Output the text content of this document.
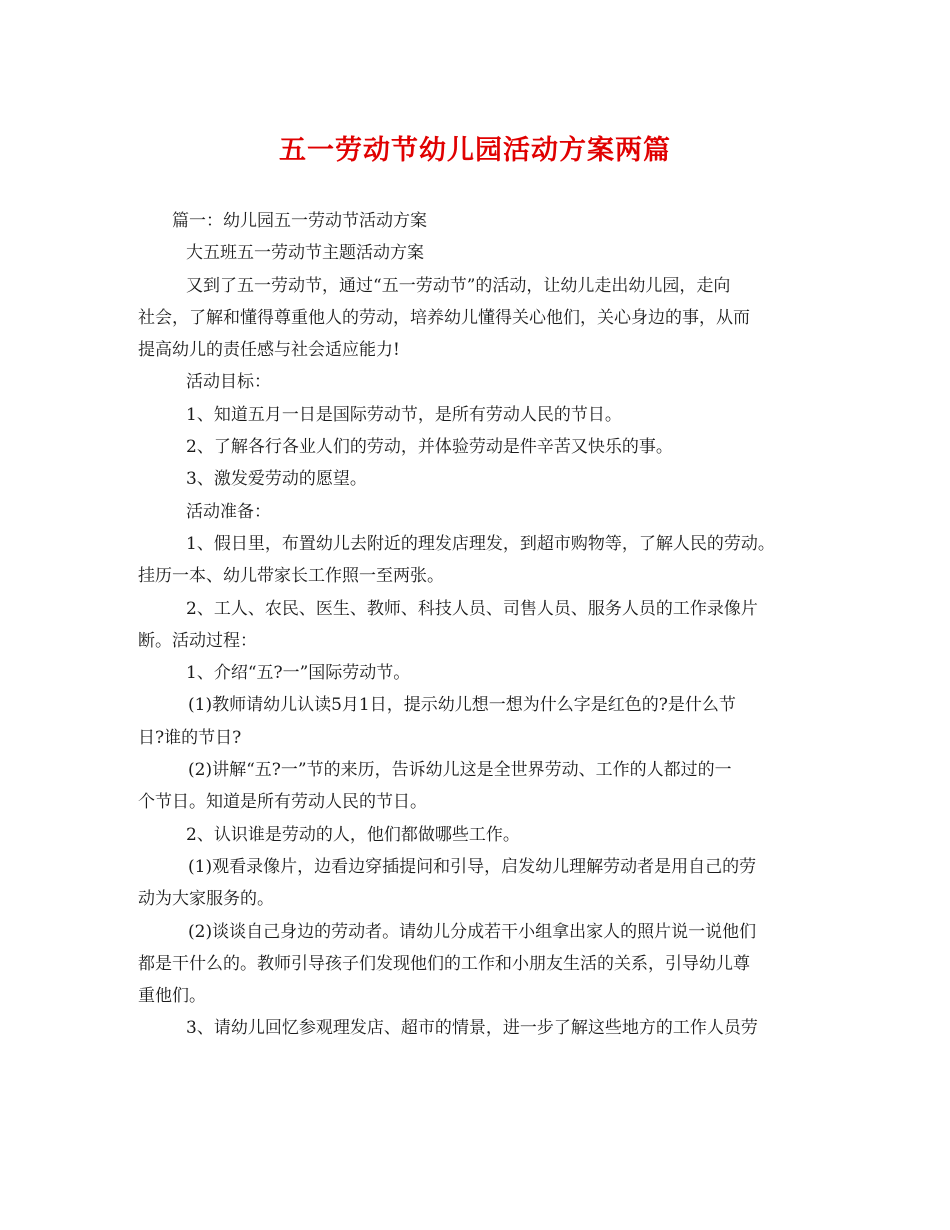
五一劳动节幼儿园活动方案两篇
篇一：幼儿园五一劳动节活动方案
大五班五一劳动节主题活动方案
又到了五一劳动节，通过“五一劳动节”的活动，让幼儿走出幼儿园，走向
社会，了解和懂得尊重他人的劳动，培养幼儿懂得关心他们，关心身边的事，从而
提高幼儿的责任感与社会适应能力!
活动目标：
1、知道五月一日是国际劳动节，是所有劳动人民的节日。
2、了解各行各业人们的劳动，并体验劳动是件辛苦又快乐的事。
3、激发爱劳动的愿望。
活动准备：
1、假日里，布置幼儿去附近的理发店理发，到超市购物等，了解人民的劳动。
挂历一本、幼儿带家长工作照一至两张。
2、工人、农民、医生、教师、科技人员、司售人员、服务人员的工作录像片
断。活动过程：
1、介绍“五?一”国际劳动节。
(1)教师请幼儿认读5月1日，提示幼儿想一想为什么字是红色的?是什么节
日?谁的节日?
(2)讲解“五?一”节的来历，告诉幼儿这是全世界劳动、工作的人都过的一
个节日。知道是所有劳动人民的节日。
2、认识谁是劳动的人，他们都做哪些工作。
(1)观看录像片，边看边穿插提问和引导，启发幼儿理解劳动者是用自己的劳
动为大家服务的。
(2)谈谈自己身边的劳动者。请幼儿分成若干小组拿出家人的照片说一说他们
都是干什么的。教师引导孩子们发现他们的工作和小朋友生活的关系，引导幼儿尊
重他们。
3、请幼儿回忆参观理发店、超市的情景，进一步了解这些地方的工作人员劳
